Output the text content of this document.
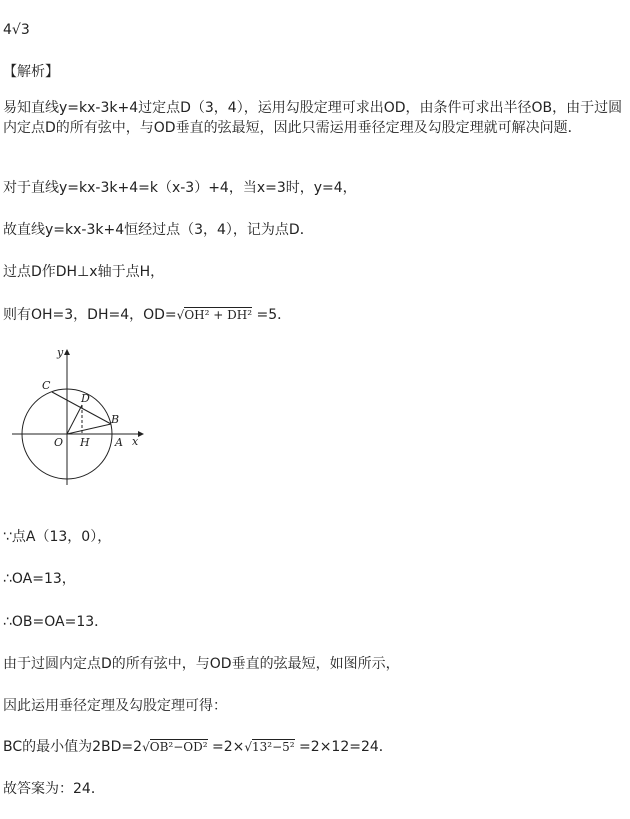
4√3
【解析】
易知直线y=kx-3k+4过定点D（3，4），运用勾股定理可求出OD，由条件可求出半径OB，由于过圆内定点D的所有弦中，与OD垂直的弦最短，因此只需运用垂径定理及勾股定理就可解决问题．
对于直线y=kx-3k+4=k（x-3）+4，当x=3时，y=4，
故直线y=kx-3k+4恒经过点（3，4），记为点D．
过点D作DH⊥x轴于点H，
则有OH=3，DH=4，OD=√OH² + DH² =5．
y
x
C
D
B
O H A
∵点A（13，0），
∴OA=13，
∴OB=OA=13．
由于过圆内定点D的所有弦中，与OD垂直的弦最短，如图所示，
因此运用垂径定理及勾股定理可得：
BC的最小值为2BD=2√OB²−OD² =2×√13²−5² =2×12=24．
故答案为：24．
